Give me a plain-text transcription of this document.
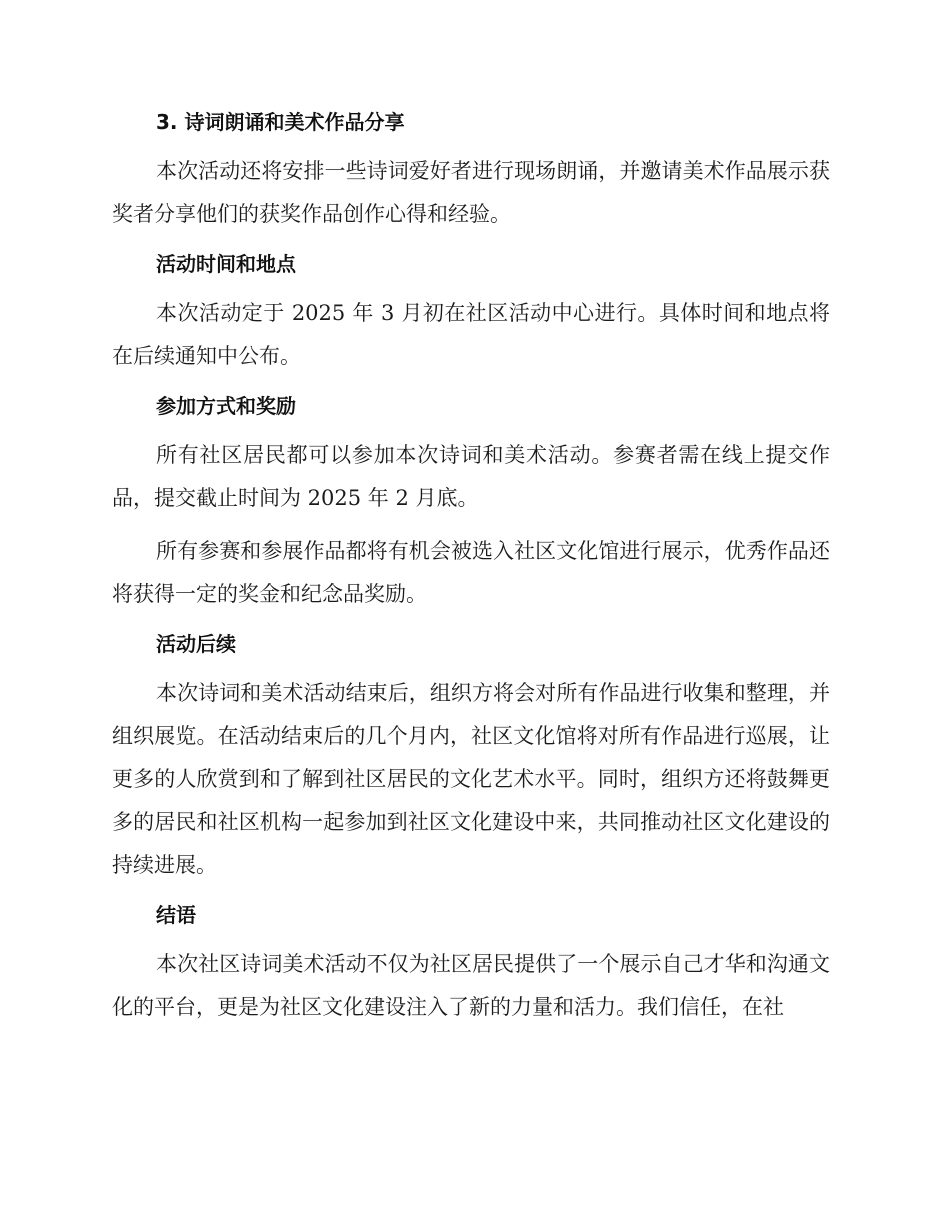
3. 诗词朗诵和美术作品分享

本次活动还将安排一些诗词爱好者进行现场朗诵，并邀请美术作品展示获奖者分享他们的获奖作品创作心得和经验。

活动时间和地点

本次活动定于 2025 年 3 月初在社区活动中心进行。具体时间和地点将在后续通知中公布。

参加方式和奖励

所有社区居民都可以参加本次诗词和美术活动。参赛者需在线上提交作品，提交截止时间为 2025 年 2 月底。

所有参赛和参展作品都将有机会被选入社区文化馆进行展示，优秀作品还将获得一定的奖金和纪念品奖励。

活动后续

本次诗词和美术活动结束后，组织方将会对所有作品进行收集和整理，并组织展览。在活动结束后的几个月内，社区文化馆将对所有作品进行巡展，让更多的人欣赏到和了解到社区居民的文化艺术水平。同时，组织方还将鼓舞更多的居民和社区机构一起参加到社区文化建设中来，共同推动社区文化建设的持续进展。

结语

本次社区诗词美术活动不仅为社区居民提供了一个展示自己才华和沟通文化的平台，更是为社区文化建设注入了新的力量和活力。我们信任，在社
